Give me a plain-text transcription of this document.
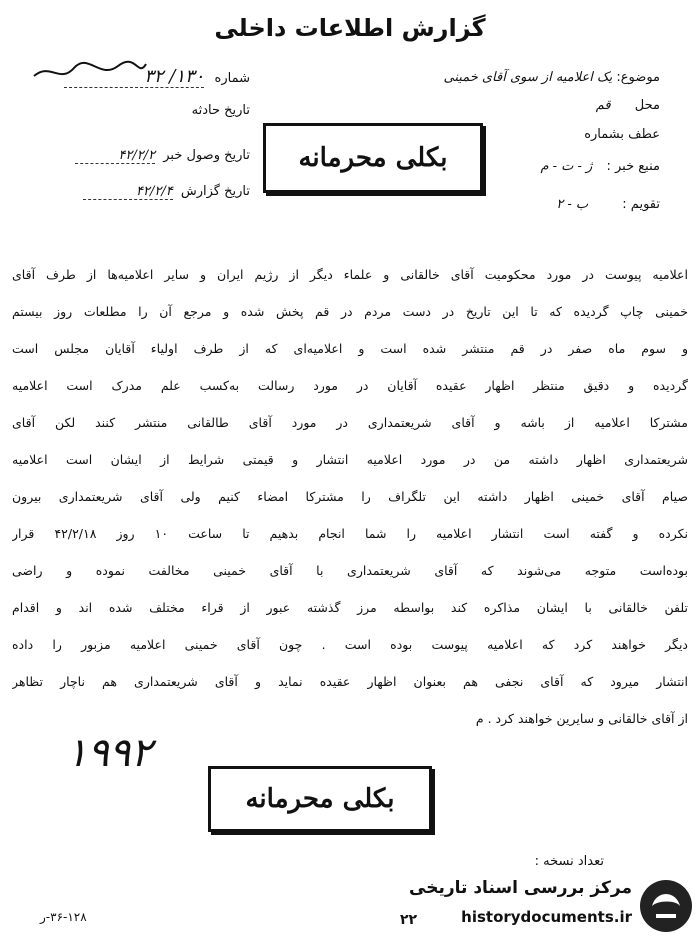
گزارش اطلاعات داخلی
موضوع: یک اعلامیه از سوی آقای خمینی
محل قم
عطف بشماره
منبع خبر : ژ - ت - م
تقویم : ب - ۲
شماره ۱۳۰/ ۳۲
تاریخ حادثه
تاریخ وصول خبر ۴۲/۲/۲
تاریخ گزارش ۴۲/۲/۴
بکلی محرمانه
اعلامیه پیوست در مورد محکومیت آقای خالقانی و علماء دیگر از رژیم ایران و سایر اعلامیه‌ها از طرف آقای
خمینی چاپ گردیده که تا این تاریخ در دست مردم در قم پخش شده و مرجع آن را مطلعات روز بیستم
و سوم ماه صفر در قم منتشر شده است و اعلامیه‌ای که از طرف اولیاء آقایان مجلس است
گردیده و دقیق منتظر اظهار عقیده آقایان در مورد رسالت به‌کسب علم مدرک است اعلامیه
مشترکا اعلامیه از باشه و آقای شریعتمداری در مورد آقای طالقانی منتشر کنند لکن آقای
شریعتمداری اظهار داشته من در مورد اعلامیه انتشار و قیمتی شرایط از ایشان است اعلامیه
صیام آقای خمینی اظهار داشته این تلگراف را مشترکا امضاء کنیم ولی آقای شریعتمداری بیرون
نکرده و گفته است انتشار اعلامیه را شما انجام بدهیم تا ساعت ۱۰ روز ۴۲/۲/۱۸ قرار
بوده‌است متوجه می‌شوند که آقای شریعتمداری با آقای خمینی مخالفت نموده و راضی
تلفن خالقانی با ایشان مذاکره کند بواسطه مرز گذشته عبور از قراء مختلف شده اند و اقدام
دیگر خواهند کرد که اعلامیه پیوست بوده است . چون آقای خمینی اعلامیه مزبور را داده
انتشار میرود که آقای نجفی هم بعنوان اظهار عقیده نماید و آقای شریعتمداری هم ناچار تظاهر
از آقای خالقانی و سایرین خواهند کرد . م
۱۹۹۲
بکلی محرمانه
تعداد نسخه :
۳۶-۱۲۸-ر	۲۲
مرکز بررسی اسناد تاریخی
historydocuments.ir
